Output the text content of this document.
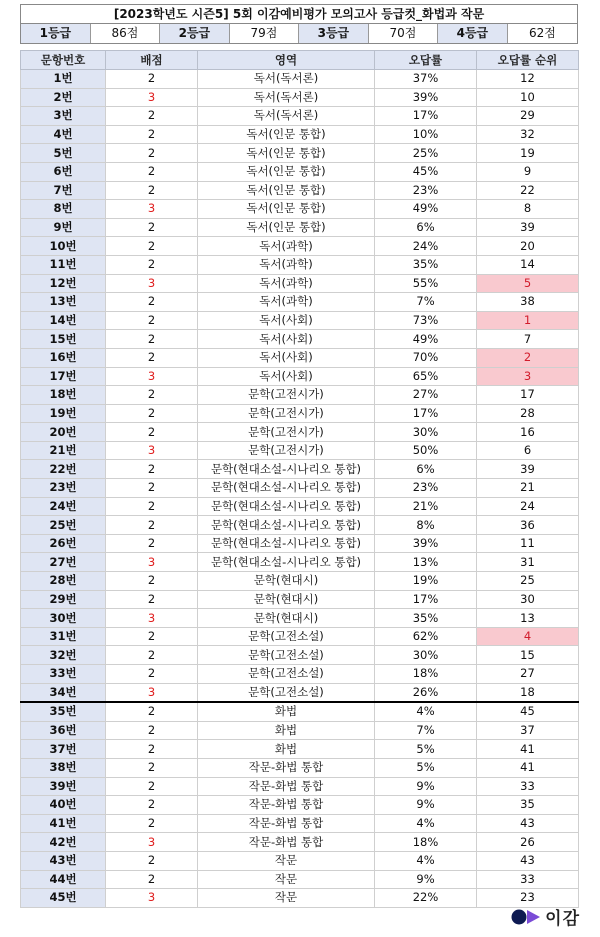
[2023학년도 시즌5] 5회 이감예비평가 모의고사 등급컷_화법과 작문
1등급	86점	2등급	79점	3등급	70점	4등급	62점
문항번호	배점	영역	오답률	오답률 순위
1번	2	독서(독서론)	37%	12
2번	3	독서(독서론)	39%	10
3번	2	독서(독서론)	17%	29
4번	2	독서(인문 통합)	10%	32
5번	2	독서(인문 통합)	25%	19
6번	2	독서(인문 통합)	45%	9
7번	2	독서(인문 통합)	23%	22
8번	3	독서(인문 통합)	49%	8
9번	2	독서(인문 통합)	6%	39
10번	2	독서(과학)	24%	20
11번	2	독서(과학)	35%	14
12번	3	독서(과학)	55%	5
13번	2	독서(과학)	7%	38
14번	2	독서(사회)	73%	1
15번	2	독서(사회)	49%	7
16번	2	독서(사회)	70%	2
17번	3	독서(사회)	65%	3
18번	2	문학(고전시가)	27%	17
19번	2	문학(고전시가)	17%	28
20번	2	문학(고전시가)	30%	16
21번	3	문학(고전시가)	50%	6
22번	2	문학(현대소설-시나리오 통합)	6%	39
23번	2	문학(현대소설-시나리오 통합)	23%	21
24번	2	문학(현대소설-시나리오 통합)	21%	24
25번	2	문학(현대소설-시나리오 통합)	8%	36
26번	2	문학(현대소설-시나리오 통합)	39%	11
27번	3	문학(현대소설-시나리오 통합)	13%	31
28번	2	문학(현대시)	19%	25
29번	2	문학(현대시)	17%	30
30번	3	문학(현대시)	35%	13
31번	2	문학(고전소설)	62%	4
32번	2	문학(고전소설)	30%	15
33번	2	문학(고전소설)	18%	27
34번	3	문학(고전소설)	26%	18
35번	2	화법	4%	45
36번	2	화법	7%	37
37번	2	화법	5%	41
38번	2	작문-화법 통합	5%	41
39번	2	작문-화법 통합	9%	33
40번	2	작문-화법 통합	9%	35
41번	2	작문-화법 통합	4%	43
42번	3	작문-화법 통합	18%	26
43번	2	작문	4%	43
44번	2	작문	9%	33
45번	3	작문	22%	23
이감
